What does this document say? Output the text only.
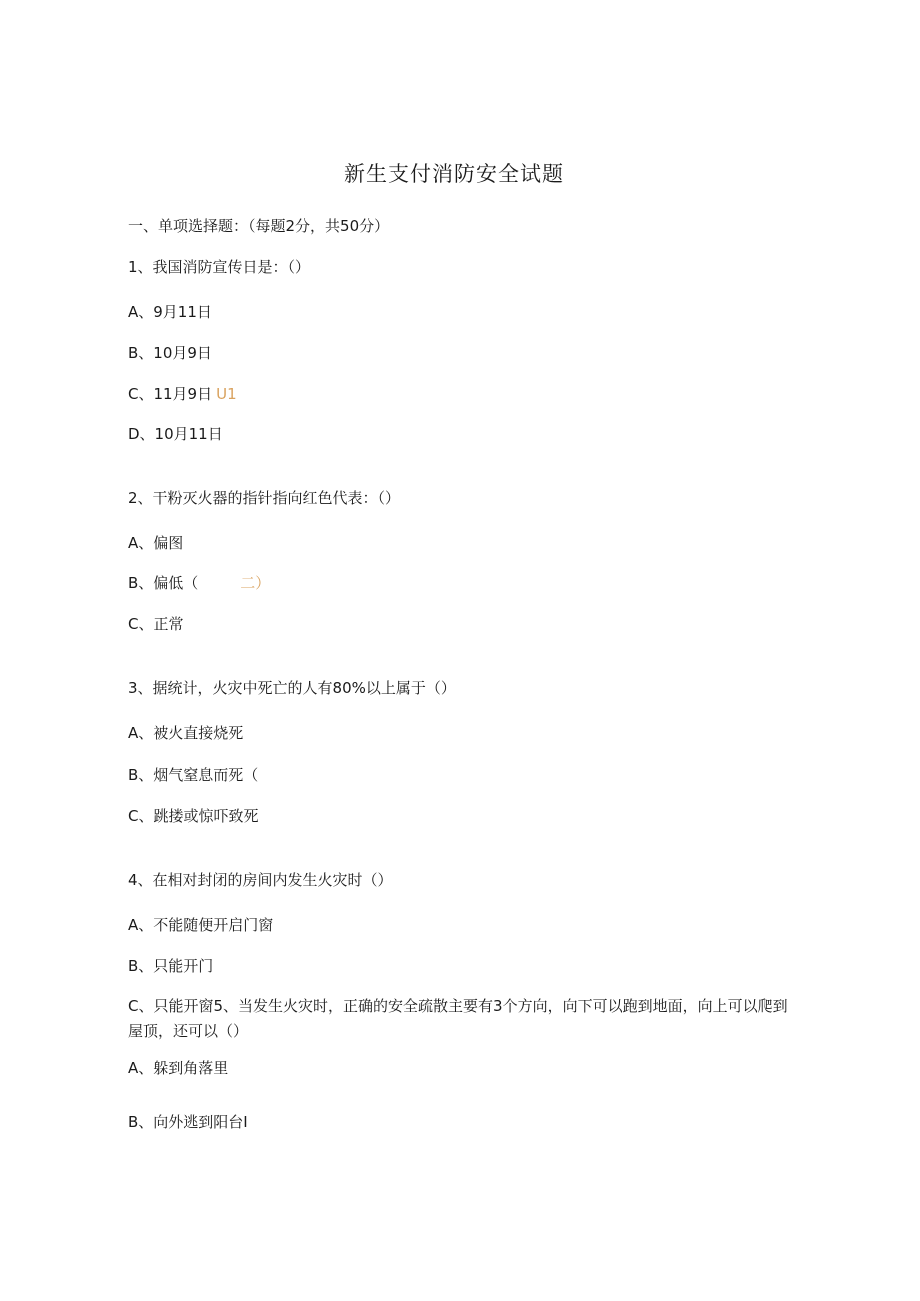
新生支付消防安全试题
一、单项选择题：（每题2分，共50分）
1、我国消防宣传日是：（）
A、9月11日
B、10月9日
C、11月9日 U1
D、10月11日
2、干粉灭火器的指针指向红色代表：（）
A、偏图
B、偏低（	二）
C、正常
3、据统计，火灾中死亡的人有80%以上属于（）
A、被火直接烧死
B、烟气窒息而死（
C、跳搂或惊吓致死
4、在相对封闭的房间内发生火灾时（）
A、不能随便开启门窗
B、只能开门
C、只能开窗5、当发生火灾时，正确的安全疏散主要有3个方向，向下可以跑到地面，向上可以爬到屋顶，还可以（）
A、躲到角落里
B、向外逃到阳台I
